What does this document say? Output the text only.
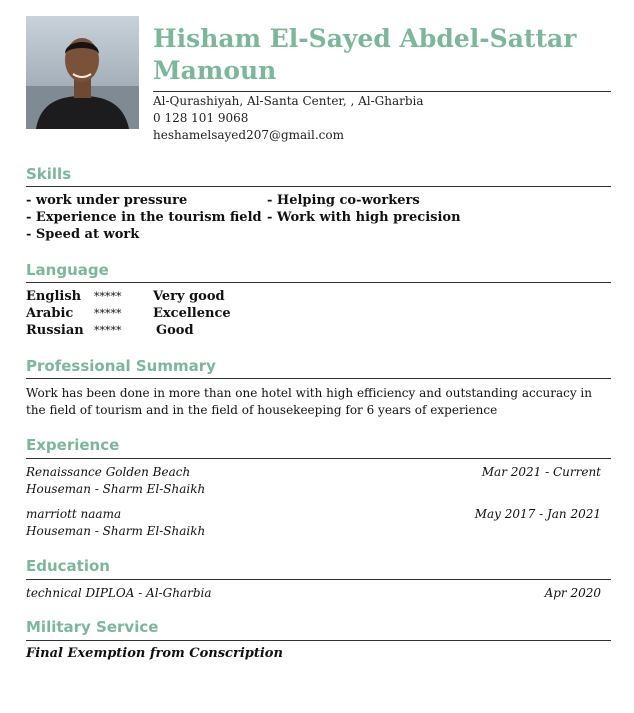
Hisham El-Sayed Abdel-Sattar Mamoun
Al-Qurashiyah, Al-Santa Center, , Al-Gharbia
0 128 101 9068
heshamelsayed207@gmail.com
Skills
- work under pressure
- Experience in the tourism field
- Speed at work
- Helping co-workers
- Work with high precision
Language
English ***** Very good
Arabic ***** Excellence
Russian *****	Good
Professional Summary
Work has been done in more than one hotel with high efficiency and outstanding accuracy in the field of tourism and in the field of housekeeping for 6 years of experience
Experience
Renaissance Golden Beach
Houseman - Sharm El-Shaikh
Mar 2021 - Current
marriott naama
Houseman - Sharm El-Shaikh
May 2017 - Jan 2021
Education
technical DIPLOA - Al-Gharbia	Apr 2020
Military Service
Final Exemption from Conscription
